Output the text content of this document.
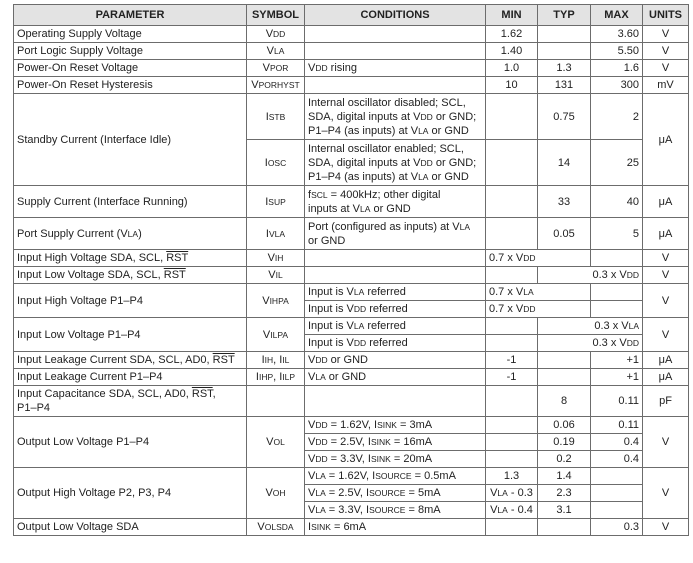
PARAMETER	SYMBOL	CONDITIONS	MIN	TYP	MAX	UNITS
Operating Supply Voltage	VDD		1.62		3.60	V
Port Logic Supply Voltage	VLA		1.40		5.50	V
Power-On Reset Voltage	VPOR	VDD rising	1.0	1.3	1.6	V
Power-On Reset Hysteresis	VPORHYST		10	131	300	mV
Standby Current (Interface Idle)	ISTB	Internal oscillator disabled; SCL,
SDA, digital inputs at VDD or GND;
P1–P4 (as inputs) at VLA or GND		0.75	2	μA
	IOSC	Internal oscillator enabled; SCL,
SDA, digital inputs at VDD or GND;
P1–P4 (as inputs) at VLA or GND		14	25	
Supply Current (Interface Running)	ISUP	fSCL = 400kHz; other digital
inputs at VLA or GND		33	40	μA
Port Supply Current (VLA)	IVLA	Port (configured as inputs) at VLA
or GND		0.05	5	μA
Input High Voltage SDA, SCL, $\overline{RST}$	VIH		0.7 x VDD			V
Input Low Voltage SDA, SCL, $\overline{RST}$	VIL			0.3 x VDD		V
Input High Voltage P1–P4	VIHPA	Input is VLA referred	0.7 x VLA			V
		Input is VDD referred	0.7 x VDD			
Input Low Voltage P1–P4	VILPA	Input is VLA referred		0.3 x VLA		V
		Input is VDD referred		0.3 x VDD		
Input Leakage Current SDA, SCL, AD0, $\overline{RST}$	IIH, IIL	VDD or GND	-1		+1	μA
Input Leakage Current P1–P4	IIHP, IILP	VLA or GND	-1		+1	μA

Input Capacitance SDA, SCL, AD0, $\overline{RST}$,
P1–P4				8	0.11	pF
Output Low Voltage P1–P4	VOL	VDD = 1.62V, ISINK = 3mA		0.06	0.11	V
		VDD = 2.5V, ISINK = 16mA		0.19	0.4	
		VDD = 3.3V, ISINK = 20mA		0.2	0.4	
Output High Voltage P2, P3, P4	VOH	VLA = 1.62V, ISOURCE = 0.5mA	1.3	1.4		V
		VLA = 2.5V, ISOURCE = 5mA	VLA - 0.3	2.3		
		VLA = 3.3V, ISOURCE = 8mA	VLA - 0.4	3.1		
Output Low Voltage SDA	VOLSDA	ISINK = 6mA			0.3	V
